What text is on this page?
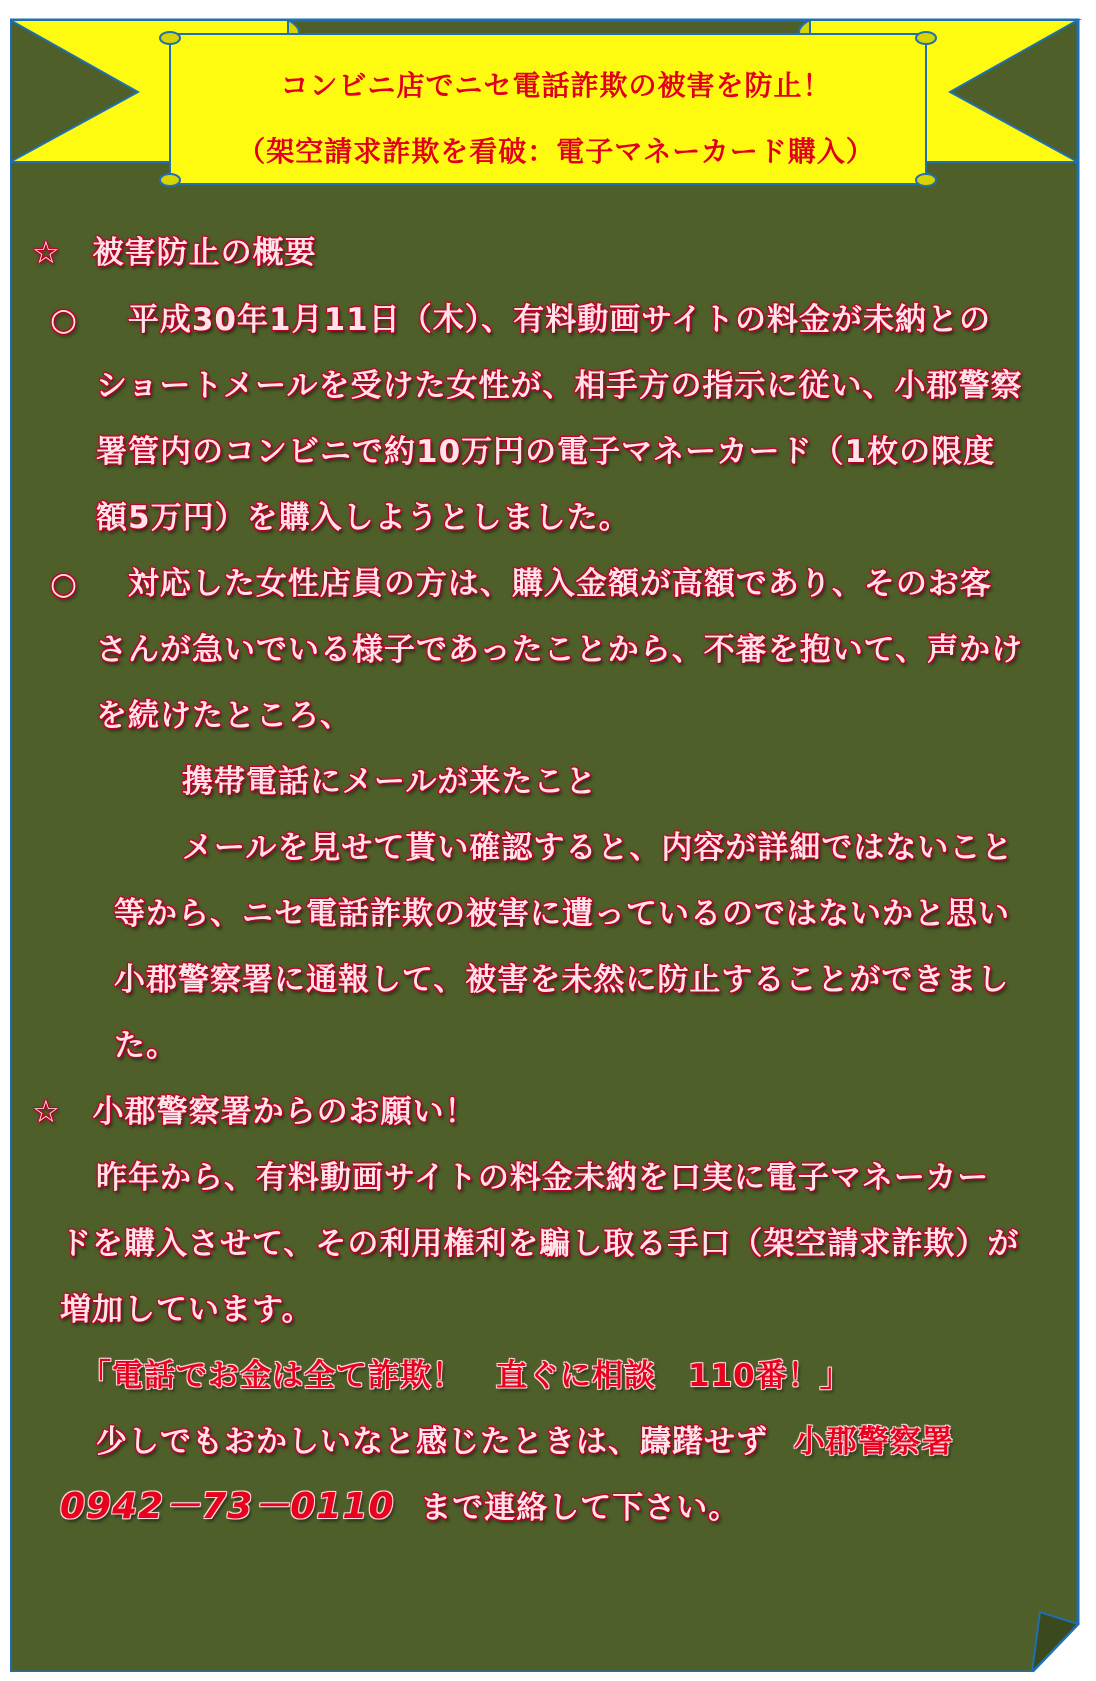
コンビニ店でニセ電話詐欺の被害を防止！
（架空請求詐欺を看破：電子マネーカード購入）
☆ 被害防止の概要
○ 平成30年1月11日（木）、有料動画サイトの料金が未納との
ショートメールを受けた女性が、相手方の指示に従い、小郡警察
署管内のコンビニで約10万円の電子マネーカード（1枚の限度
額5万円）を購入しようとしました。
○ 対応した女性店員の方は、購入金額が高額であり、そのお客
さんが急いでいる様子であったことから、不審を抱いて、声かけ
を続けたところ、
携帯電話にメールが来たこと
メールを見せて貰い確認すると、内容が詳細ではないこと
等から、ニセ電話詐欺の被害に遭っているのではないかと思い
小郡警察署に通報して、被害を未然に防止することができまし
た。
☆ 小郡警察署からのお願い！
昨年から、有料動画サイトの料金未納を口実に電子マネーカー
ドを購入させて、その利用権利を騙し取る手口（架空請求詐欺）が
増加しています。
「電話でお金は全て詐欺！　直ぐに相談　110番！」
少しでもおかしいなと感じたときは、躊躇せず 小郡警察署
0942－73－0110 まで連絡して下さい。
